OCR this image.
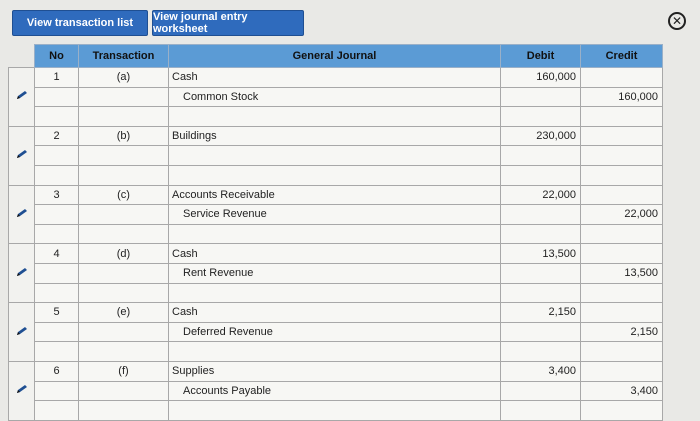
View transaction list	View journal entry worksheet
✕
	No	Transaction	General Journal	Debit	Credit
	1	(a)	Cash	160,000	
			Common Stock		160,000

	2	(b)	Buildings	230,000	

	3	(c)	Accounts Receivable	22,000	
			Service Revenue		22,000

	4	(d)	Cash	13,500	
			Rent Revenue		13,500

	5	(e)	Cash	2,150	
			Deferred Revenue		2,150

	6	(f)	Supplies	3,400	
			Accounts Payable		3,400
